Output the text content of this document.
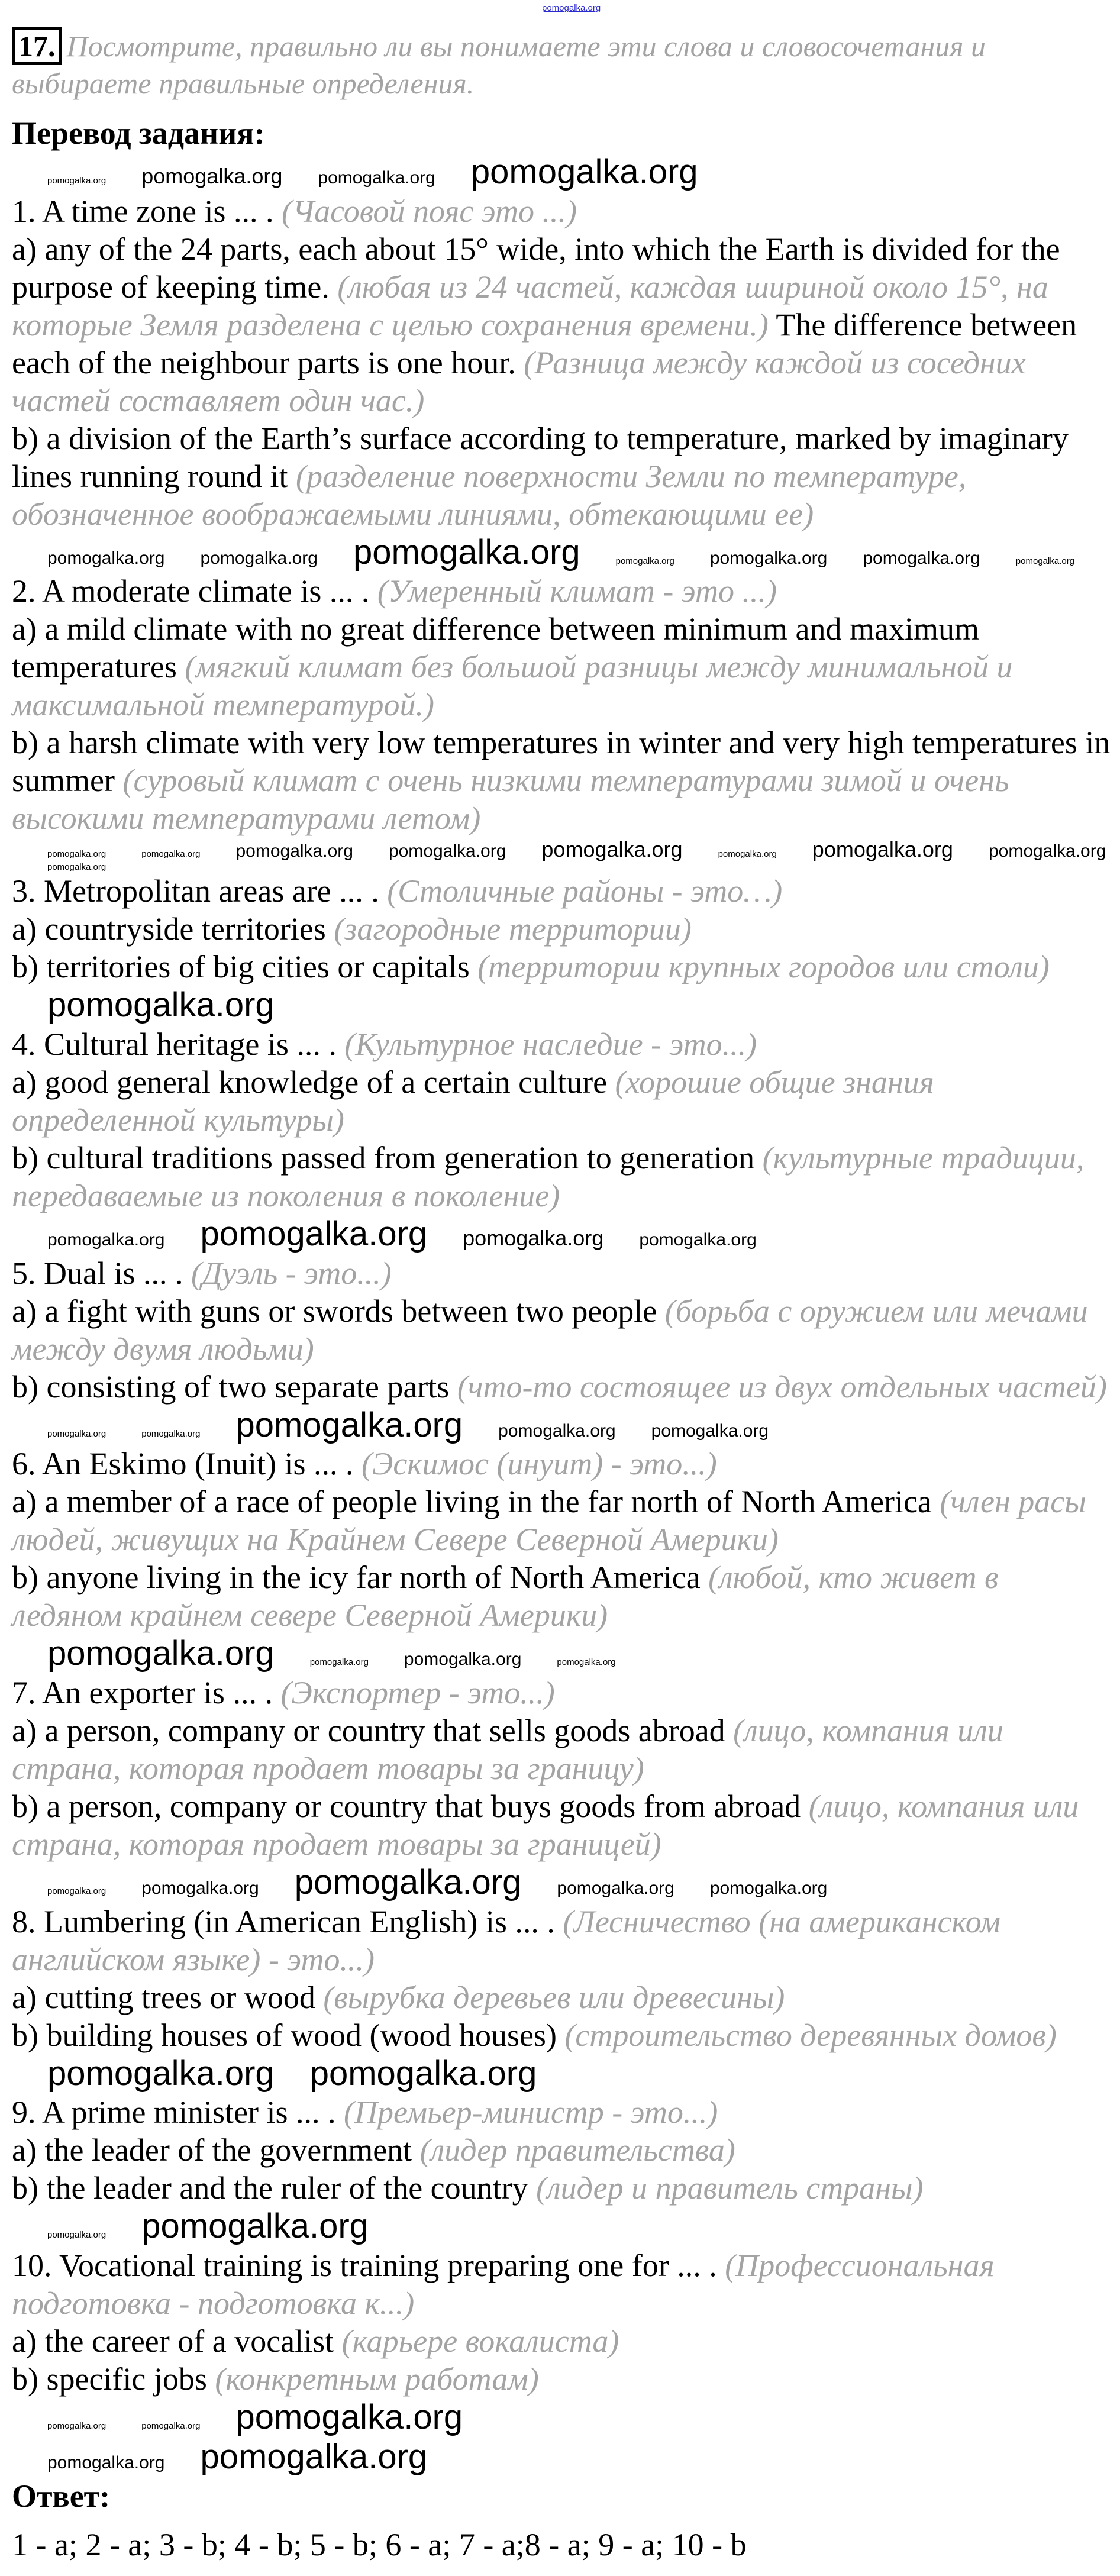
pomogalka.org
17. Посмотрите, правильно ли вы понимаете эти слова и словосочетания и выбираете правильные определения.
Перевод задания:
pomogalka.org pomogalka.org pomogalka.org pomogalka.org

1. A time zone is ... . (Часовой пояс это ...)

a) any of the 24 parts, each about 15° wide, into which the Earth is divided for the purpose of keeping time. (любая из 24 частей, каждая шириной около 15°, на которые Земля разделена с целью сохранения времени.) The difference between each of the neighbour parts is one hour. (Разница между каждой из соседних частей составляет один час.)

b) a division of the Earth’s surface according to temperature, marked by imaginary lines running round it (разделение поверхности Земли по температуре, обозначенное воображаемыми линиями, обтекающими ее)

pomogalka.org pomogalka.org pomogalka.org	pomogalka.org pomogalka.org pomogalka.org	pomogalka.org

2. A moderate climate is ... . (Умеренный климат - это ...)

a) a mild climate with no great difference between minimum and maximum temperatures (мягкий климат без большой разницы между минимальной и максимальной температурой.)

b) a harsh climate with very low temperatures in winter and very high temperatures in summer (суровый климат с очень низкими температурами зимой и очень высокими температурами летом)

pomogalka.org	pomogalka.org pomogalka.org pomogalka.org pomogalka.org	pomogalka.org pomogalka.org pomogalka.org
pomogalka.org

3. Metropolitan areas are ... . (Столичные районы - это…)

a) countryside territories (загородные территории)

b) territories of big cities or capitals (территории крупных городов или столи)

pomogalka.org

4. Cultural heritage is ... . (Культурное наследие - это...)

a) good general knowledge of a certain culture (хорошие общие знания определенной культуры)

b) cultural traditions passed from generation to generation (культурные традиции, передаваемые из поколения в поколение)

pomogalka.org pomogalka.org pomogalka.org pomogalka.org

5. Dual is ... . (Дуэль - это...)

a) a fight with guns or swords between two people (борьба с оружием или мечами между двумя людьми)

b) consisting of two separate parts (что-то состоящее из двух отдельных частей)

pomogalka.org	pomogalka.org pomogalka.org pomogalka.org pomogalka.org

6. An Eskimo (Inuit) is ... . (Эскимос (инуит) - это...)

a) a member of a race of people living in the far north of North America (член расы людей, живущих на Крайнем Севере Северной Америки)

b) anyone living in the icy far north of North America (любой, кто живет в ледяном крайнем севере Северной Америки)

pomogalka.org	pomogalka.org pomogalka.org	pomogalka.org

7. An exporter is ... . (Экспортер - это...)

a) a person, company or country that sells goods abroad (лицо, компания или страна, которая продает товары за границу)

b) a person, company or country that buys goods from abroad (лицо, компания или страна, которая продает товары за границей)

pomogalka.org pomogalka.org pomogalka.org pomogalka.org pomogalka.org

8. Lumbering (in American English) is ... . (Лесничество (на американском английском языке) - это...)

a) cutting trees or wood (вырубка деревьев или древесины)

b) building houses of wood (wood houses) (строительство деревянных домов)

pomogalka.org pomogalka.org

9. A prime minister is ... . (Премьер-министр - это...)

a) the leader of the government (лидер правительства)

b) the leader and the ruler of the country (лидер и правитель страны)

pomogalka.org pomogalka.org

10. Vocational training is training preparing one for ... . (Профессиональная подготовка - подготовка к...)

a) the career of a vocalist (карьере вокалиста)

b) specific jobs (конкретным работам)

pomogalka.org	pomogalka.org pomogalka.org
pomogalka.org pomogalka.org
Ответ:
1 - a; 2 - a; 3 - b; 4 - b; 5 - b; 6 - a; 7 - a;8 - a; 9 - a; 10 - b
